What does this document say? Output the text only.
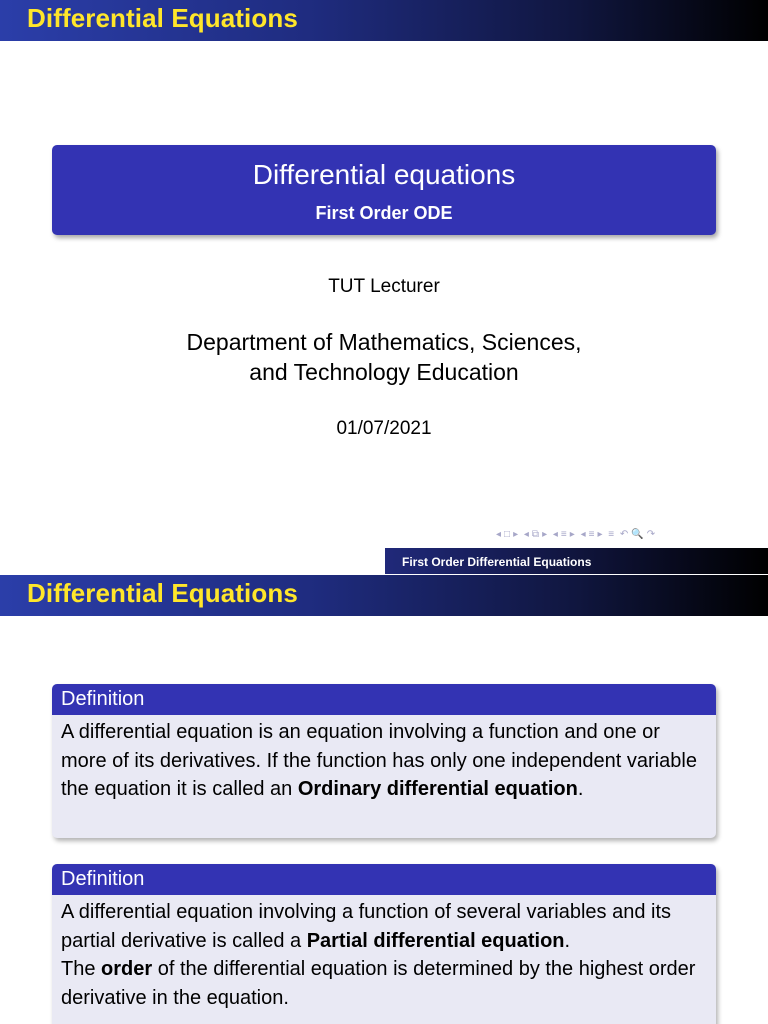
Differential Equations
Differential equations
First Order ODE
TUT Lecturer
Department of Mathematics, Sciences,
and Technology Education
01/07/2021
◂ □ ▸ ◂ ⧉ ▸ ◂ ≡ ▸ ◂ ≡ ▸ ≡ ↶ 🔍 ↷
First Order Differential Equations
Differential Equations
Definition
A differential equation is an equation involving a function and one or more of its derivatives. If the function has only one independent variable the equation it is called an Ordinary differential equation.
Definition
A differential equation involving a function of several variables and its partial derivative is called a Partial differential equation.
The order of the differential equation is determined by the highest order derivative in the equation.
